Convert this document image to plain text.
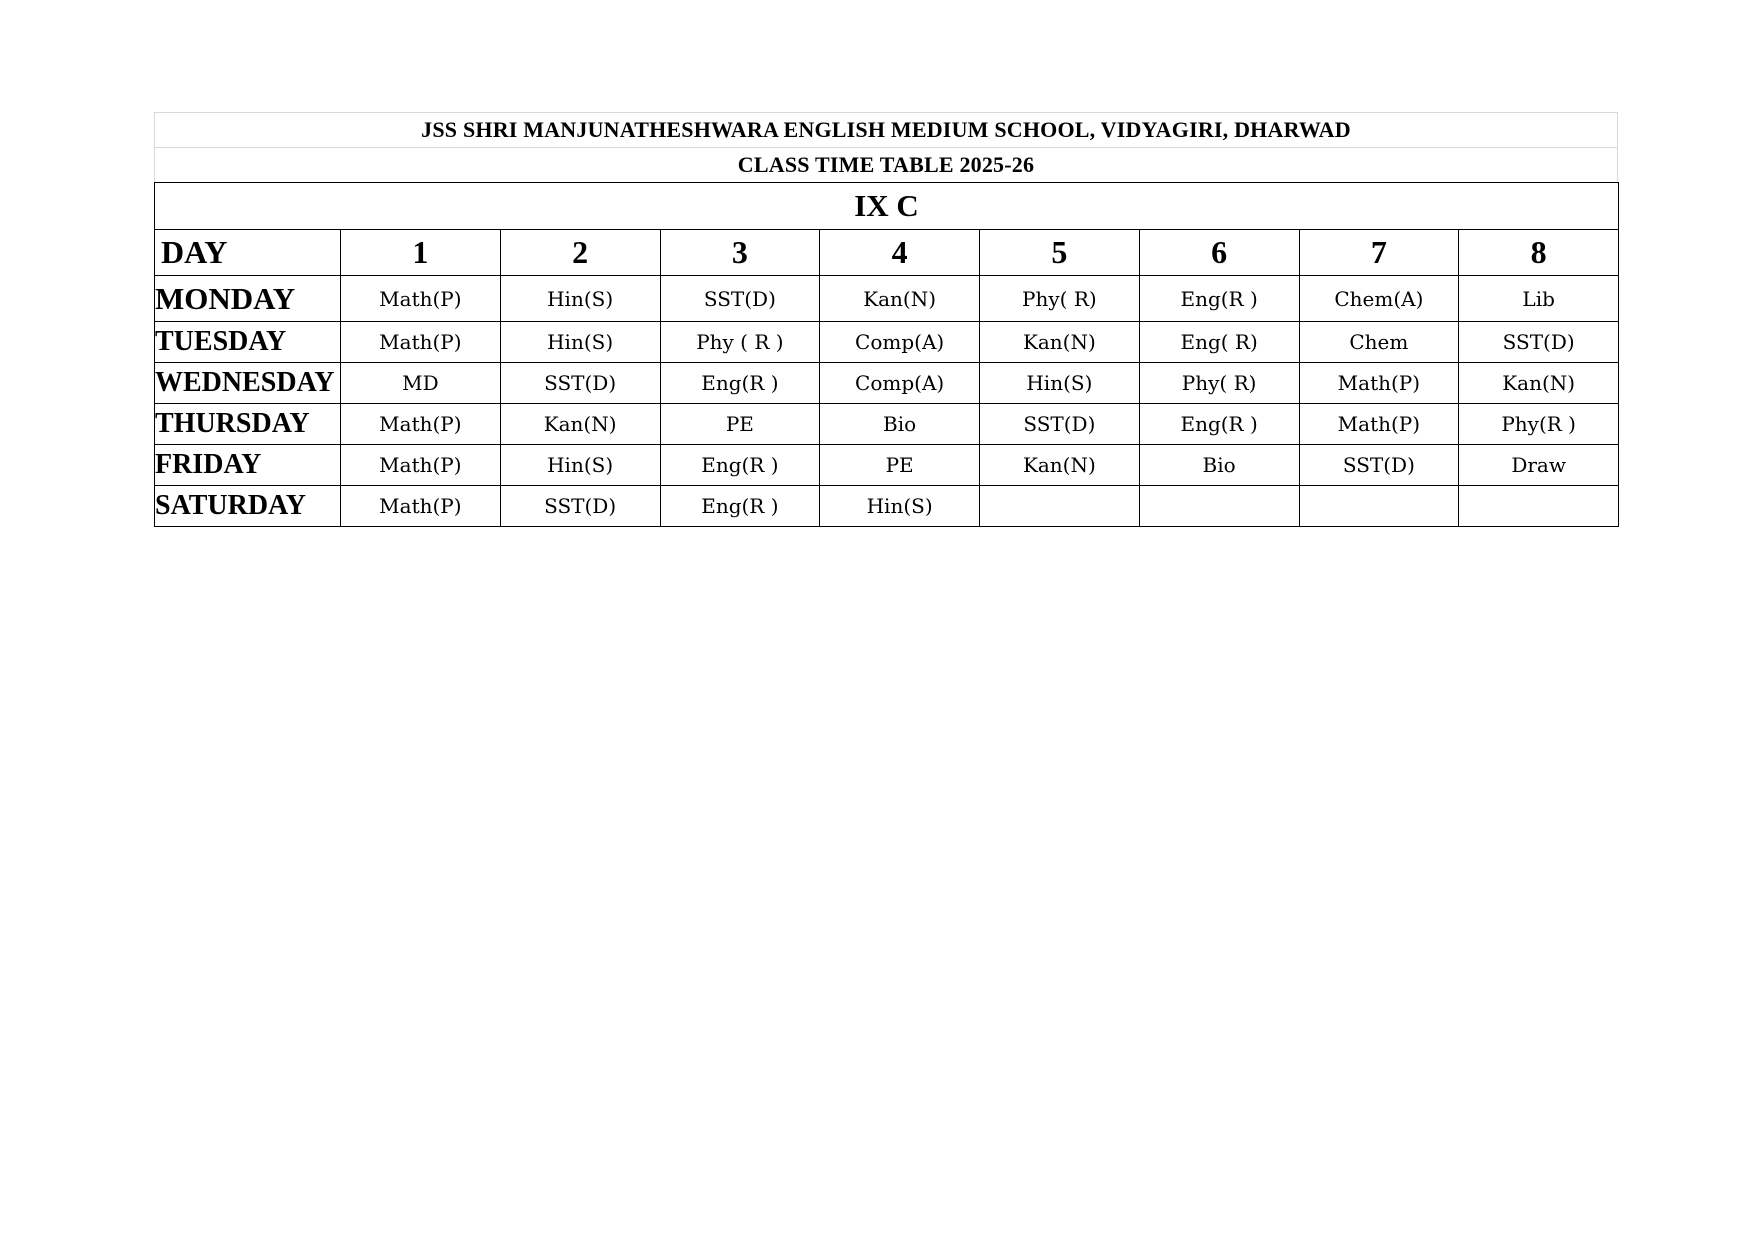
JSS SHRI MANJUNATHESHWARA ENGLISH MEDIUM SCHOOL, VIDYAGIRI, DHARWAD
CLASS TIME TABLE 2025-26
IX C								
DAY	1	2	3	4	5	6	7	8
MONDAY	Math(P)	Hin(S)	SST(D)	Kan(N)	Phy( R)	Eng(R )	Chem(A)	Lib
TUESDAY	Math(P)	Hin(S)	Phy ( R )	Comp(A)	Kan(N)	Eng( R)	Chem	SST(D)
WEDNESDAY	MD	SST(D)	Eng(R )	Comp(A)	Hin(S)	Phy( R)	Math(P)	Kan(N)
THURSDAY	Math(P)	Kan(N)	PE	Bio	SST(D)	Eng(R )	Math(P)	Phy(R )
FRIDAY	Math(P)	Hin(S)	Eng(R )	PE	Kan(N)	Bio	SST(D)	Draw
SATURDAY	Math(P)	SST(D)	Eng(R )	Hin(S)				
